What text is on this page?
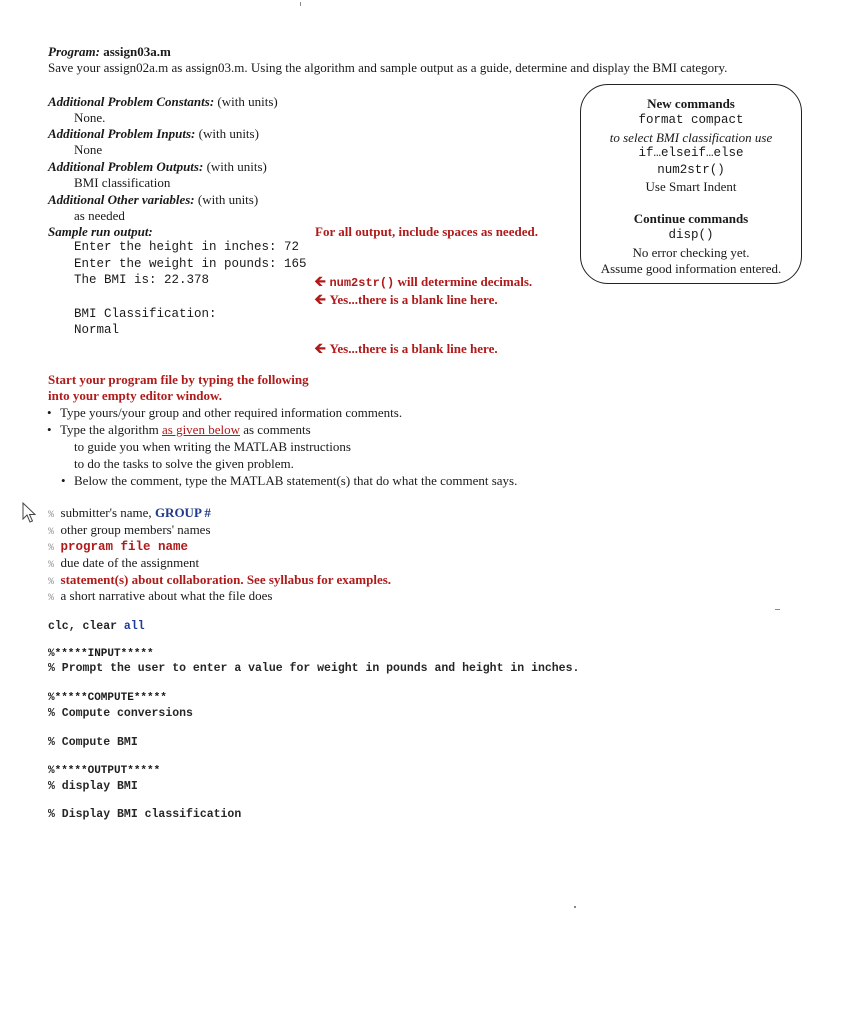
Program: assign03a.m
Save your assign02a.m as assign03.m. Using the algorithm and sample output as a guide, determine and display the BMI category.
Additional Problem Constants: (with units)
None.
Additional Problem Inputs: (with units)
None
Additional Problem Outputs: (with units)
BMI classification
Additional Other variables: (with units)
as needed
Sample run output:	For all output, include spaces as needed.
Enter the height in inches: 72
Enter the weight in pounds: 165
The BMI is: 22.378	🡸 num2str() will determine decimals.
🡸 Yes...there is a blank line here.
BMI Classification:
Normal
🡸 Yes...there is a blank line here.
New commands
format compact
to select BMI classification use
if…elseif…else
num2str()
Use Smart Indent
Continue commands
disp()
No error checking yet.
Assume good information entered.
Start your program file by typing the following
into your empty editor window.
• Type yours/your group and other required information comments.
• Type the algorithm as given below as comments
to guide you when writing the MATLAB instructions
to do the tasks to solve the given problem.
• Below the comment, type the MATLAB statement(s) that do what the comment says.
% submitter's name, GROUP #
% other group members' names
% program file name
% due date of the assignment
% statement(s) about collaboration. See syllabus for examples.
% a short narrative about what the file does
clc, clear all
%*****INPUT*****
% Prompt the user to enter a value for weight in pounds and height in inches.
%*****COMPUTE*****
% Compute conversions
% Compute BMI
%*****OUTPUT*****
% display BMI
% Display BMI classification
